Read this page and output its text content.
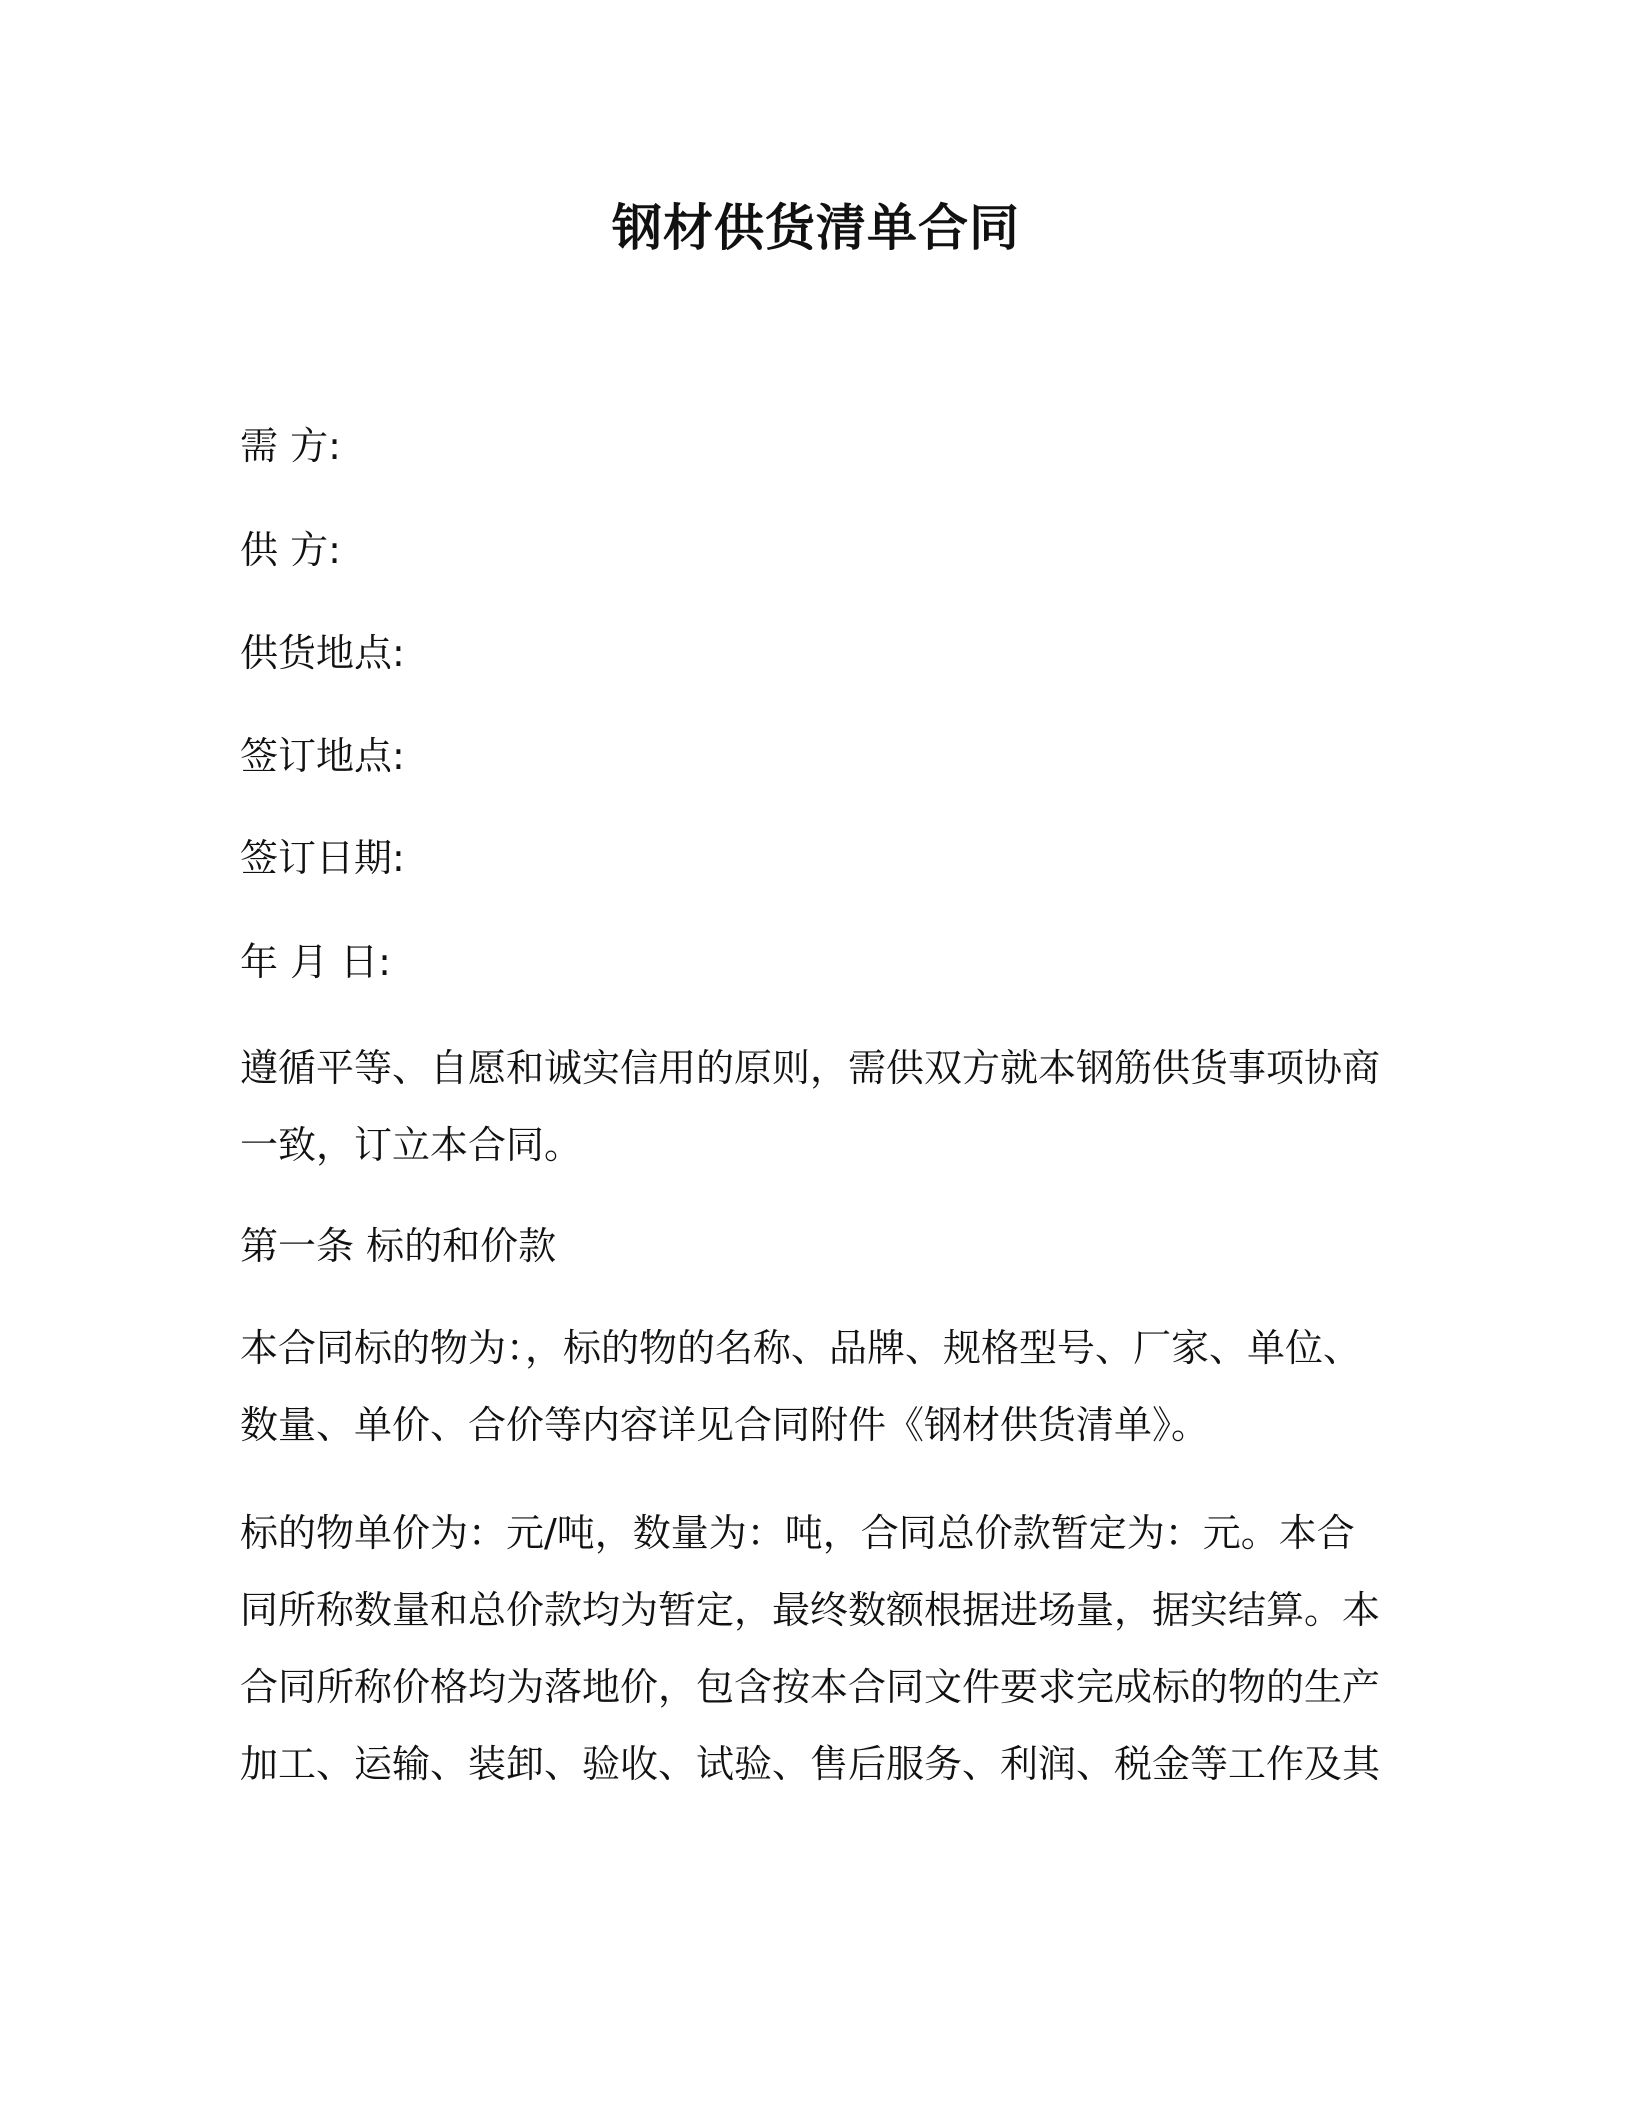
钢材供货清单合同
需 方:
供 方:
供货地点:
签订地点:
签订日期:
年 月 日:
遵循平等、自愿和诚实信用的原则，需供双方就本钢筋供货事项协商
一致，订立本合同。
第一条 标的和价款
本合同标的物为：，标的物的名称、品牌、规格型号、厂家、单位、
数量、单价、合价等内容详见合同附件《钢材供货清单》。
标的物单价为：元/吨，数量为：吨，合同总价款暂定为：元。本合
同所称数量和总价款均为暂定，最终数额根据进场量，据实结算。本
合同所称价格均为落地价，包含按本合同文件要求完成标的物的生产
加工、运输、装卸、验收、试验、售后服务、利润、税金等工作及其
